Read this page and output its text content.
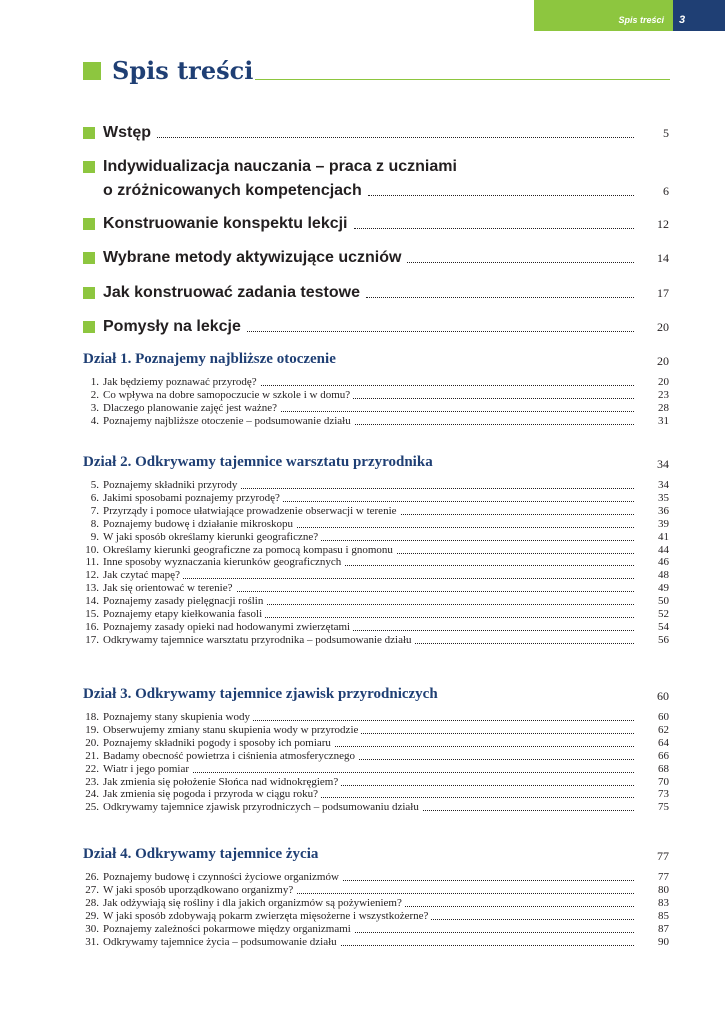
Spis treści 3
Spis treści
Wstęp	5
Indywidualizacja nauczania – praca z uczniami
o zróżnicowanych kompetencjach	6
Konstruowanie konspektu lekcji	12
Wybrane metody aktywizujące uczniów	14
Jak konstruować zadania testowe	17
Pomysły na lekcje	20
Dział 1. Poznajemy najbliższe otoczenie	20
1. Jak będziemy poznawać przyrodę?	20
2. Co wpływa na dobre samopoczucie w szkole i w domu?	23
3. Dlaczego planowanie zajęć jest ważne?	28
4. Poznajemy najbliższe otoczenie – podsumowanie działu	31
Dział 2. Odkrywamy tajemnice warsztatu przyrodnika	34
5. Poznajemy składniki przyrody	34
6. Jakimi sposobami poznajemy przyrodę?	35
7. Przyrządy i pomoce ułatwiające prowadzenie obserwacji w terenie	36
8. Poznajemy budowę i działanie mikroskopu	39
9. W jaki sposób określamy kierunki geograficzne?	41
10. Określamy kierunki geograficzne za pomocą kompasu i gnomonu	44
11. Inne sposoby wyznaczania kierunków geograficznych	46
12. Jak czytać mapę?	48
13. Jak się orientować w terenie?	49
14. Poznajemy zasady pielęgnacji roślin	50
15. Poznajemy etapy kiełkowania fasoli	52
16. Poznajemy zasady opieki nad hodowanymi zwierzętami	54
17. Odkrywamy tajemnice warsztatu przyrodnika – podsumowanie działu	56
Dział 3. Odkrywamy tajemnice zjawisk przyrodniczych	60
18. Poznajemy stany skupienia wody	60
19. Obserwujemy zmiany stanu skupienia wody w przyrodzie	62
20. Poznajemy składniki pogody i sposoby ich pomiaru	64
21. Badamy obecność powietrza i ciśnienia atmosferycznego	66
22. Wiatr i jego pomiar	68
23. Jak zmienia się położenie Słońca nad widnokręgiem?	70
24. Jak zmienia się pogoda i przyroda w ciągu roku?	73
25. Odkrywamy tajemnice zjawisk przyrodniczych – podsumowaniu działu	75
Dział 4. Odkrywamy tajemnice życia	77
26. Poznajemy budowę i czynności życiowe organizmów	77
27. W jaki sposób uporządkowano organizmy?	80
28. Jak odżywiają się rośliny i dla jakich organizmów są pożywieniem?	83
29. W jaki sposób zdobywają pokarm zwierzęta mięsożerne i wszystkożerne?	85
30. Poznajemy zależności pokarmowe między organizmami	87
31. Odkrywamy tajemnice życia – podsumowanie działu	90
